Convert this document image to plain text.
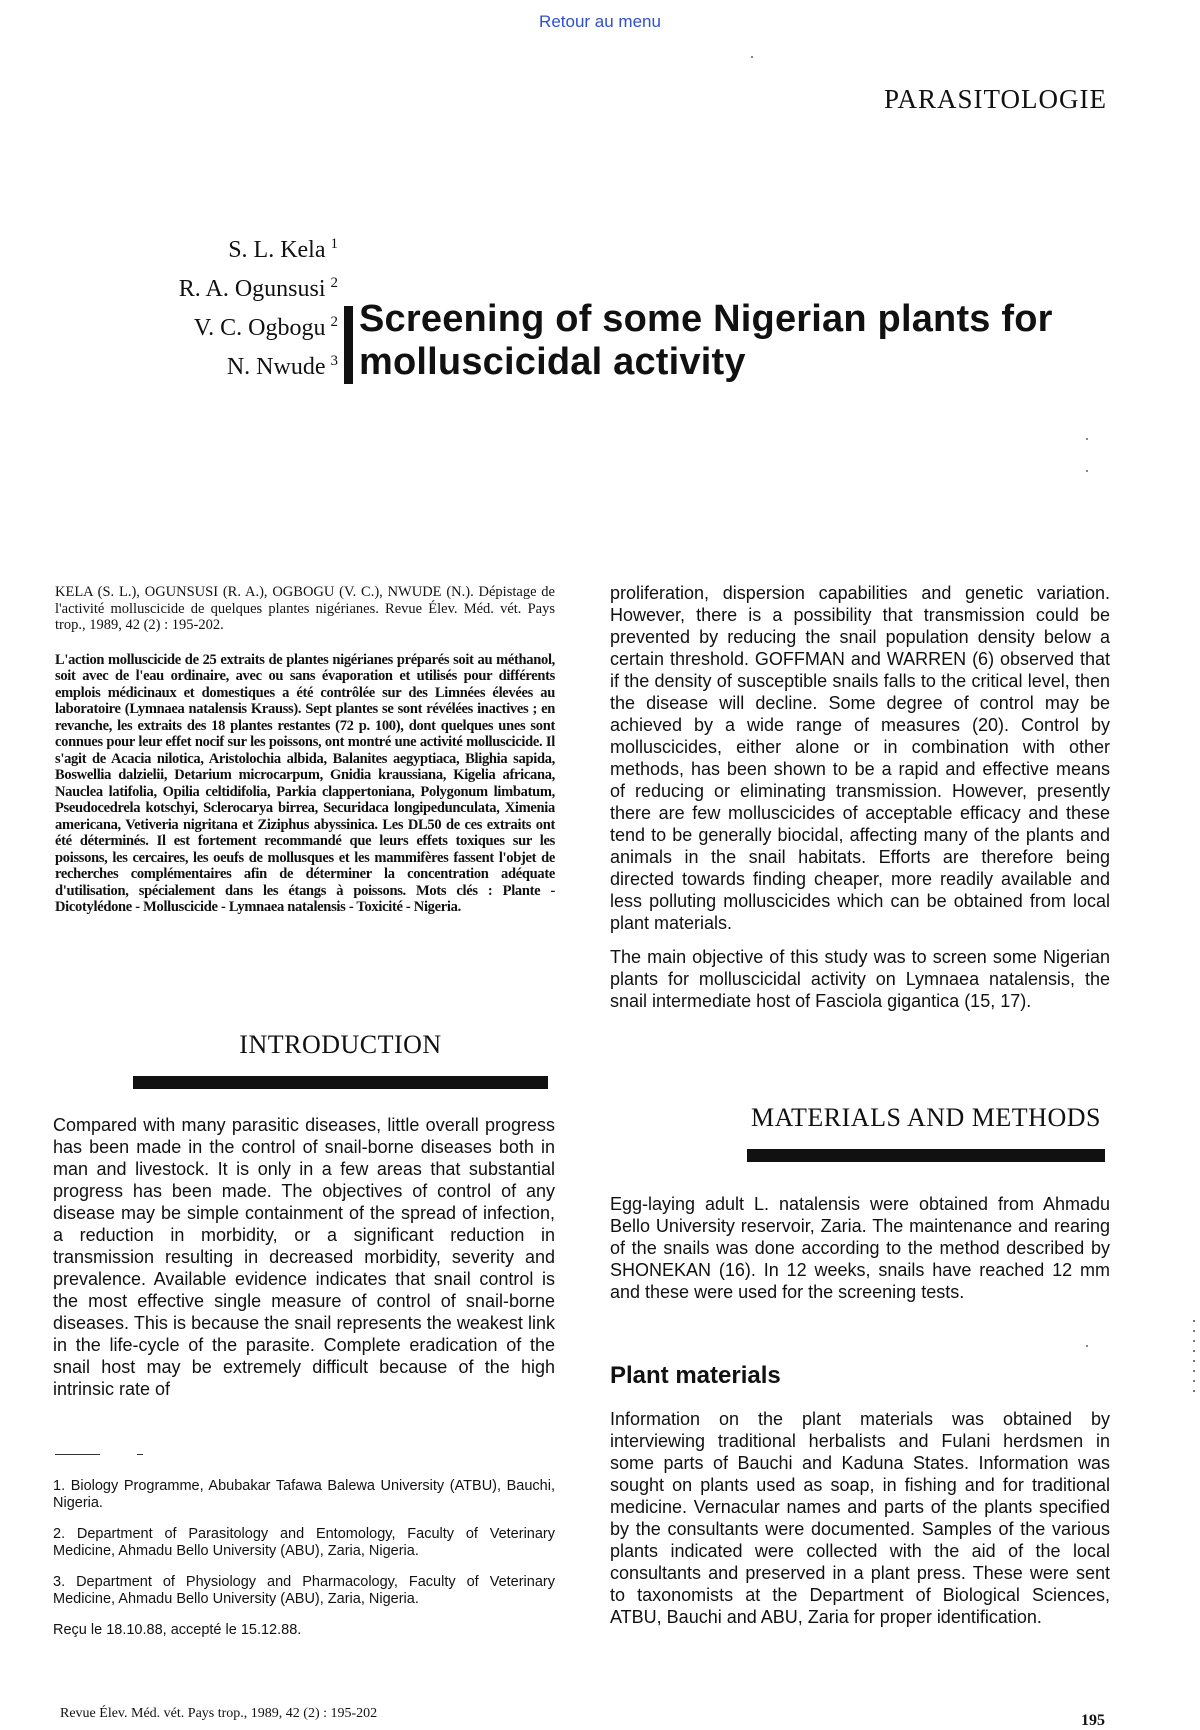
Retour au menu
PARASITOLOGIE
S. L. Kela $^1$
R. A. Ogunsusi $^2$
V. C. Ogbogu $^2$
N. Nwude $^3$
Screening of some Nigerian plants for
molluscicidal activity

KELA (S. L.), OGUNSUSI (R. A.), OGBOGU (V. C.), NWUDE (N.). Dépistage de l'activité molluscicide de quelques plantes nigérianes. Revue Élev. Méd. vét. Pays trop., 1989, 42 (2) : 195-202.

L'action molluscicide de 25 extraits de plantes nigérianes préparés soit au méthanol, soit avec de l'eau ordinaire, avec ou sans évaporation et utilisés pour différents emplois médicinaux et domestiques a été contrôlée sur des Limnées élevées au laboratoire (Lymnaea natalensis Krauss). Sept plantes se sont révélées inactives ; en revanche, les extraits des 18 plantes restantes (72 p. 100), dont quelques unes sont connues pour leur effet nocif sur les poissons, ont montré une activité molluscicide. Il s'agit de Acacia nilotica, Aristolochia albida, Balanites aegyptiaca, Blighia sapida, Boswellia dalzielii, Detarium microcarpum, Gnidia kraussiana, Kigelia africana, Nauclea latifolia, Opilia celtidifolia, Parkia clappertoniana, Polygonum limbatum, Pseudocedrela kotschyi, Sclerocarya birrea, Securidaca longipedunculata, Ximenia americana, Vetiveria nigritana et Ziziphus abyssinica. Les DL50 de ces extraits ont été déterminés. Il est fortement recommandé que leurs effets toxiques sur les poissons, les cercaires, les oeufs de mollusques et les mammifères fassent l'objet de recherches complémentaires afin de déterminer la concentration adéquate d'utilisation, spécialement dans les étangs à poissons. Mots clés : Plante - Dicotylédone - Molluscicide - Lymnaea natalensis - Toxicité - Nigeria.

INTRODUCTION

Compared with many parasitic diseases, little overall progress has been made in the control of snail-borne diseases both in man and livestock. It is only in a few areas that substantial progress has been made. The objectives of control of any disease may be simple containment of the spread of infection, a reduction in morbidity, or a significant reduction in transmission resulting in decreased morbidity, severity and prevalence. Available evidence indicates that snail control is the most effective single measure of control of snail-borne diseases. This is because the snail represents the weakest link in the life-cycle of the parasite. Complete eradication of the snail host may be extremely difficult because of the high intrinsic rate of

proliferation, dispersion capabilities and genetic variation. However, there is a possibility that transmission could be prevented by reducing the snail population density below a certain threshold. GOFFMAN and WARREN (6) observed that if the density of susceptible snails falls to the critical level, then the disease will decline. Some degree of control may be achieved by a wide range of measures (20). Control by molluscicides, either alone or in combination with other methods, has been shown to be a rapid and effective means of reducing or eliminating transmission. However, presently there are few molluscicides of acceptable efficacy and these tend to be generally biocidal, affecting many of the plants and animals in the snail habitats. Efforts are therefore being directed towards finding cheaper, more readily available and less polluting molluscicides which can be obtained from local plant materials.

The main objective of this study was to screen some Nigerian plants for molluscicidal activity on Lymnaea natalensis, the snail intermediate host of Fasciola gigantica (15, 17).

MATERIALS AND METHODS

Egg-laying adult L. natalensis were obtained from Ahmadu Bello University reservoir, Zaria. The maintenance and rearing of the snails was done according to the method described by SHONEKAN (16). In 12 weeks, snails have reached 12 mm and these were used for the screening tests.

Plant materials

Information on the plant materials was obtained by interviewing traditional herbalists and Fulani herdsmen in some parts of Bauchi and Kaduna States. Information was sought on plants used as soap, in fishing and for traditional medicine. Vernacular names and parts of the plants specified by the consultants were documented. Samples of the various plants indicated were collected with the aid of the local consultants and preserved in a plant press. These were sent to taxonomists at the Department of Biological Sciences, ATBU, Bauchi and ABU, Zaria for proper identification.

1. Biology Programme, Abubakar Tafawa Balewa University (ATBU), Bauchi, Nigeria.

2. Department of Parasitology and Entomology, Faculty of Veterinary Medicine, Ahmadu Bello University (ABU), Zaria, Nigeria.

3. Department of Physiology and Pharmacology, Faculty of Veterinary Medicine, Ahmadu Bello University (ABU), Zaria, Nigeria.

Reçu le 18.10.88, accepté le 15.12.88.

Revue Élev. Méd. vét. Pays trop., 1989, 42 (2) : 195-202	195
